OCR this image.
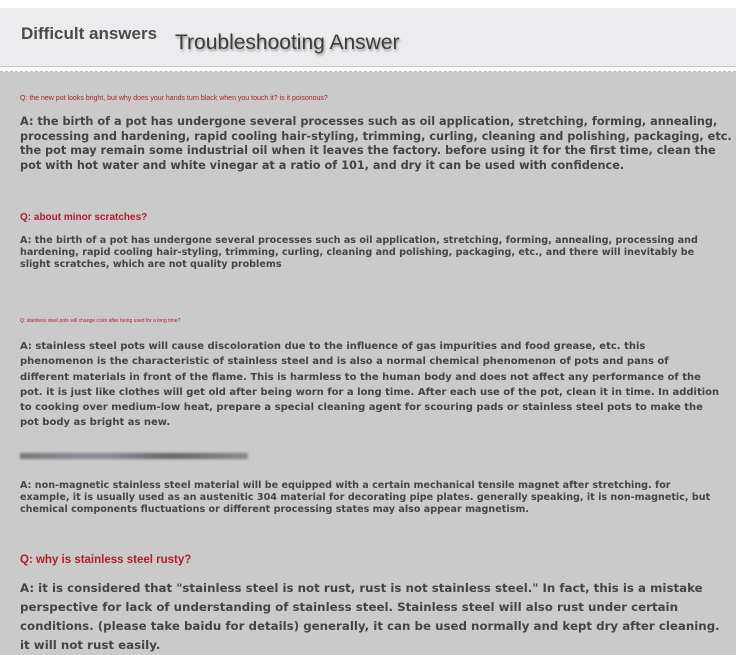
Difficult answers Troubleshooting Answer
Q: the new pot looks bright, but why does your hands turn black when you touch it? is it poisonous?
A: the birth of a pot has undergone several processes such as oil application, stretching, forming, annealing, processing and hardening, rapid cooling hair-styling, trimming, curling, cleaning and polishing, packaging, etc. the pot may remain some industrial oil when it leaves the factory. before using it for the first time, clean the pot with hot water and white vinegar at a ratio of 101, and dry it can be used with confidence.
Q: about minor scratches?
A: the birth of a pot has undergone several processes such as oil application, stretching, forming, annealing, processing and hardening, rapid cooling hair-styling, trimming, curling, cleaning and polishing, packaging, etc., and there will inevitably be slight scratches, which are not quality problems
Q: stainless steel pots will change color after being used for a long time?
A: stainless steel pots will cause discoloration due to the influence of gas impurities and food grease, etc. this phenomenon is the characteristic of stainless steel and is also a normal chemical phenomenon of pots and pans of different materials in front of the flame. This is harmless to the human body and does not affect any performance of the pot. it is just like clothes will get old after being worn for a long time. After each use of the pot, clean it in time. In addition to cooking over medium-low heat, prepare a special cleaning agent for scouring pads or stainless steel pots to make the pot body as bright as new.
A: non-magnetic stainless steel material will be equipped with a certain mechanical tensile magnet after stretching. for example, it is usually used as an austenitic 304 material for decorating pipe plates. generally speaking, it is non-magnetic, but chemical components fluctuations or different processing states may also appear magnetism.
Q: why is stainless steel rusty?
A: it is considered that "stainless steel is not rust, rust is not stainless steel." In fact, this is a mistake perspective for lack of understanding of stainless steel. Stainless steel will also rust under certain conditions. (please take baidu for details) generally, it can be used normally and kept dry after cleaning. it will not rust easily.
